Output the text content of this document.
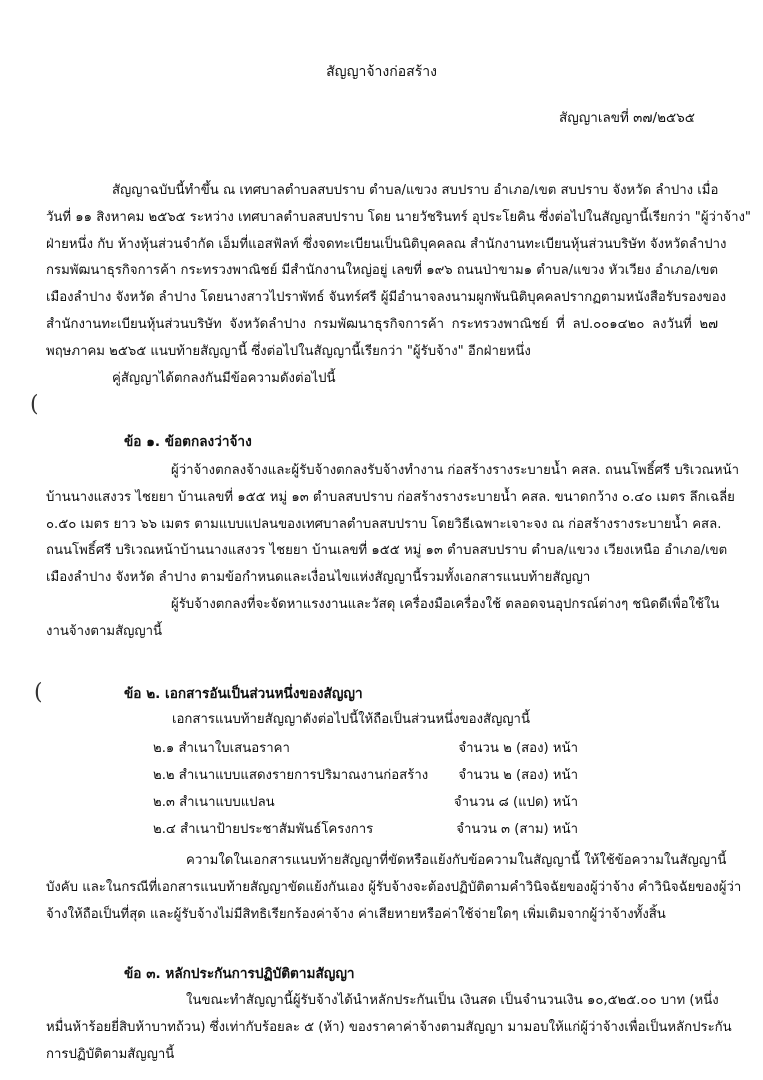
สัญญาจ้างก่อสร้าง
สัญญาเลขที่ ๓๗/๒๕๖๕
สัญญาฉบับนี้ทำขึ้น ณ เทศบาลตำบลสบปราบ ตำบล/แขวง สบปราบ อำเภอ/เขต สบปราบ จังหวัด ลำปาง เมื่อ
วันที่ ๑๑ สิงหาคม ๒๕๖๕ ระหว่าง เทศบาลตำบลสบปราบ โดย นายวัชรินทร์ อุประโยคิน ซึ่งต่อไปในสัญญานี้เรียกว่า "ผู้ว่าจ้าง"
ฝ่ายหนึ่ง กับ ห้างหุ้นส่วนจำกัด เอ็มที่แอสฟัลท์ ซึ่งจดทะเบียนเป็นนิติบุคคลณ สำนักงานทะเบียนหุ้นส่วนบริษัท จังหวัดลำปาง
กรมพัฒนาธุรกิจการค้า กระทรวงพาณิชย์ มีสำนักงานใหญ่อยู่ เลขที่ ๑๙๖ ถนนป่าขาม๑ ตำบล/แขวง หัวเวียง อำเภอ/เขต
เมืองลำปาง จังหวัด ลำปาง โดยนางสาวไปราพัทธ์ จันทร์ศรี ผู้มีอำนาจลงนามผูกพันนิติบุคคลปรากฏตามหนังสือรับรองของ
สำนักงานทะเบียนหุ้นส่วนบริษัท จังหวัดลำปาง กรมพัฒนาธุรกิจการค้า กระทรวงพาณิชย์ ที่ ลป.๐๐๑๔๒๐ ลงวันที่ ๒๗
พฤษภาคม ๒๕๖๕ แนบท้ายสัญญานี้ ซึ่งต่อไปในสัญญานี้เรียกว่า "ผู้รับจ้าง" อีกฝ่ายหนึ่ง
คู่สัญญาได้ตกลงกันมีข้อความดังต่อไปนี้
(
ข้อ ๑. ข้อตกลงว่าจ้าง
ผู้ว่าจ้างตกลงจ้างและผู้รับจ้างตกลงรับจ้างทำงาน ก่อสร้างรางระบายน้ำ คสล. ถนนโพธิ์ศรี บริเวณหน้า
บ้านนางแสงวร ไชยยา บ้านเลขที่ ๑๕๕ หมู่ ๑๓ ตำบลสบปราบ ก่อสร้างรางระบายน้ำ คสล. ขนาดกว้าง ๐.๔๐ เมตร ลึกเฉลี่ย
๐.๕๐ เมตร ยาว ๖๖ เมตร ตามแบบแปลนของเทศบาลตำบลสบปราบ โดยวิธีเฉพาะเจาะจง ณ ก่อสร้างรางระบายน้ำ คสล.
ถนนโพธิ์ศรี บริเวณหน้าบ้านนางแสงวร ไชยยา บ้านเลขที่ ๑๕๕ หมู่ ๑๓ ตำบลสบปราบ ตำบล/แขวง เวียงเหนือ อำเภอ/เขต
เมืองลำปาง จังหวัด ลำปาง ตามข้อกำหนดและเงื่อนไขแห่งสัญญานี้รวมทั้งเอกสารแนบท้ายสัญญา
ผู้รับจ้างตกลงที่จะจัดหาแรงงานและวัสดุ เครื่องมือเครื่องใช้ ตลอดจนอุปกรณ์ต่างๆ ชนิดดีเพื่อใช้ใน
งานจ้างตามสัญญานี้
(	ข้อ ๒. เอกสารอันเป็นส่วนหนึ่งของสัญญา
เอกสารแนบท้ายสัญญาดังต่อไปนี้ให้ถือเป็นส่วนหนึ่งของสัญญานี้
๒.๑ สำเนาใบเสนอราคา	จำนวน ๒ (สอง) หน้า
๒.๒ สำเนาแบบแสดงรายการปริมาณงานก่อสร้าง จำนวน ๒ (สอง) หน้า
๒.๓ สำเนาแบบแปลน	จำนวน ๘ (แปด) หน้า
๒.๔ สำเนาป้ายประชาสัมพันธ์โครงการ	จำนวน ๓ (สาม) หน้า
ความใดในเอกสารแนบท้ายสัญญาที่ขัดหรือแย้งกับข้อความในสัญญานี้ ให้ใช้ข้อความในสัญญานี้
บังคับ และในกรณีที่เอกสารแนบท้ายสัญญาขัดแย้งกันเอง ผู้รับจ้างจะต้องปฏิบัติตามคำวินิจฉัยของผู้ว่าจ้าง คำวินิจฉัยของผู้ว่า
จ้างให้ถือเป็นที่สุด และผู้รับจ้างไม่มีสิทธิเรียกร้องค่าจ้าง ค่าเสียหายหรือค่าใช้จ่ายใดๆ เพิ่มเติมจากผู้ว่าจ้างทั้งสิ้น
ข้อ ๓. หลักประกันการปฏิบัติตามสัญญา
ในขณะทำสัญญานี้ผู้รับจ้างได้นำหลักประกันเป็น เงินสด เป็นจำนวนเงิน ๑๐,๕๒๕.๐๐ บาท (หนึ่ง
หมื่นห้าร้อยยี่สิบห้าบาทถ้วน) ซึ่งเท่ากับร้อยละ ๕ (ห้า) ของราคาค่าจ้างตามสัญญา มามอบให้แก่ผู้ว่าจ้างเพื่อเป็นหลักประกัน
การปฏิบัติตามสัญญานี้
